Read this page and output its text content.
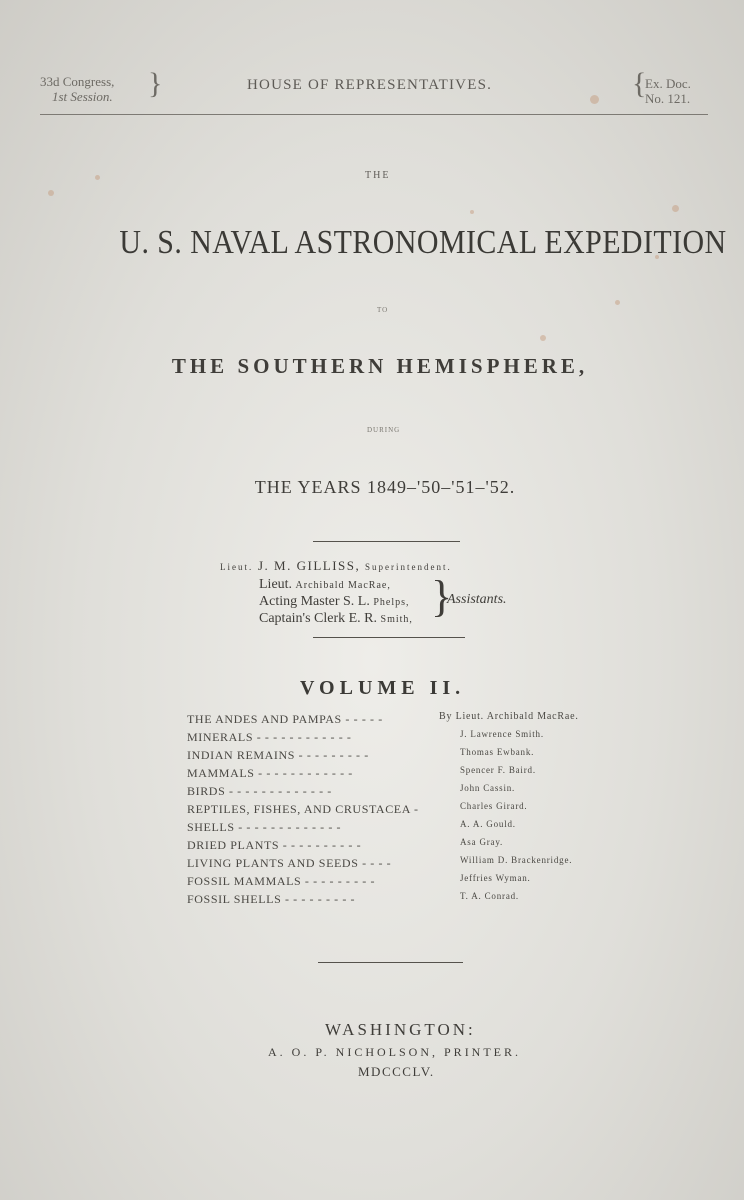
33d Congress,
1st Session. }	HOUSE OF REPRESENTATIVES.	{
Ex. Doc.
No. 121.
THE
U. S. NAVAL ASTRONOMICAL EXPEDITION
TO
THE SOUTHERN HEMISPHERE,
DURING
THE YEARS 1849–'50–'51–'52.
Lieut. J. M. GILLISS, Superintendent.
Lieut. Archibald MacRae,
Acting Master S. L. Phelps,
Captain's Clerk E. R. Smith, }
Assistants.
VOLUME II.
THE ANDES AND PAMPAS - - - - -	By Lieut. Archibald MacRae.
MINERALS - - - - - - - - - - - -	J. Lawrence Smith.
INDIAN REMAINS - - - - - - - - -	Thomas Ewbank.
MAMMALS - - - - - - - - - - - -	Spencer F. Baird.
BIRDS - - - - - - - - - - - - -	John Cassin.
REPTILES, FISHES, AND CRUSTACEA -	Charles Girard.
SHELLS - - - - - - - - - - - - -	A. A. Gould.
DRIED PLANTS - - - - - - - - - -	Asa Gray.
LIVING PLANTS AND SEEDS - - - -	William D. Brackenridge.
FOSSIL MAMMALS - - - - - - - - -	Jeffries Wyman.
FOSSIL SHELLS - - - - - - - - -	T. A. Conrad.
WASHINGTON:
A. O. P. NICHOLSON, PRINTER.
MDCCCLV.
